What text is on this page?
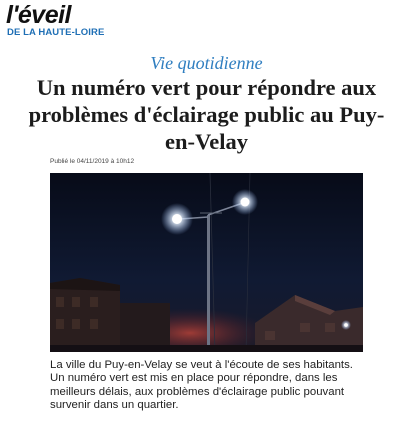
l'éveil
DE LA HAUTE-LOIRE
Vie quotidienne
Un numéro vert pour répondre aux problèmes d'éclairage public au Puy-en-Velay
Publié le 04/11/2019 à 10h12

La ville du Puy-en-Velay se veut à l'écoute de ses habitants. Un numéro vert est mis en place pour répondre, dans les meilleurs délais, aux problèmes d'éclairage public pouvant survenir dans un quartier.
